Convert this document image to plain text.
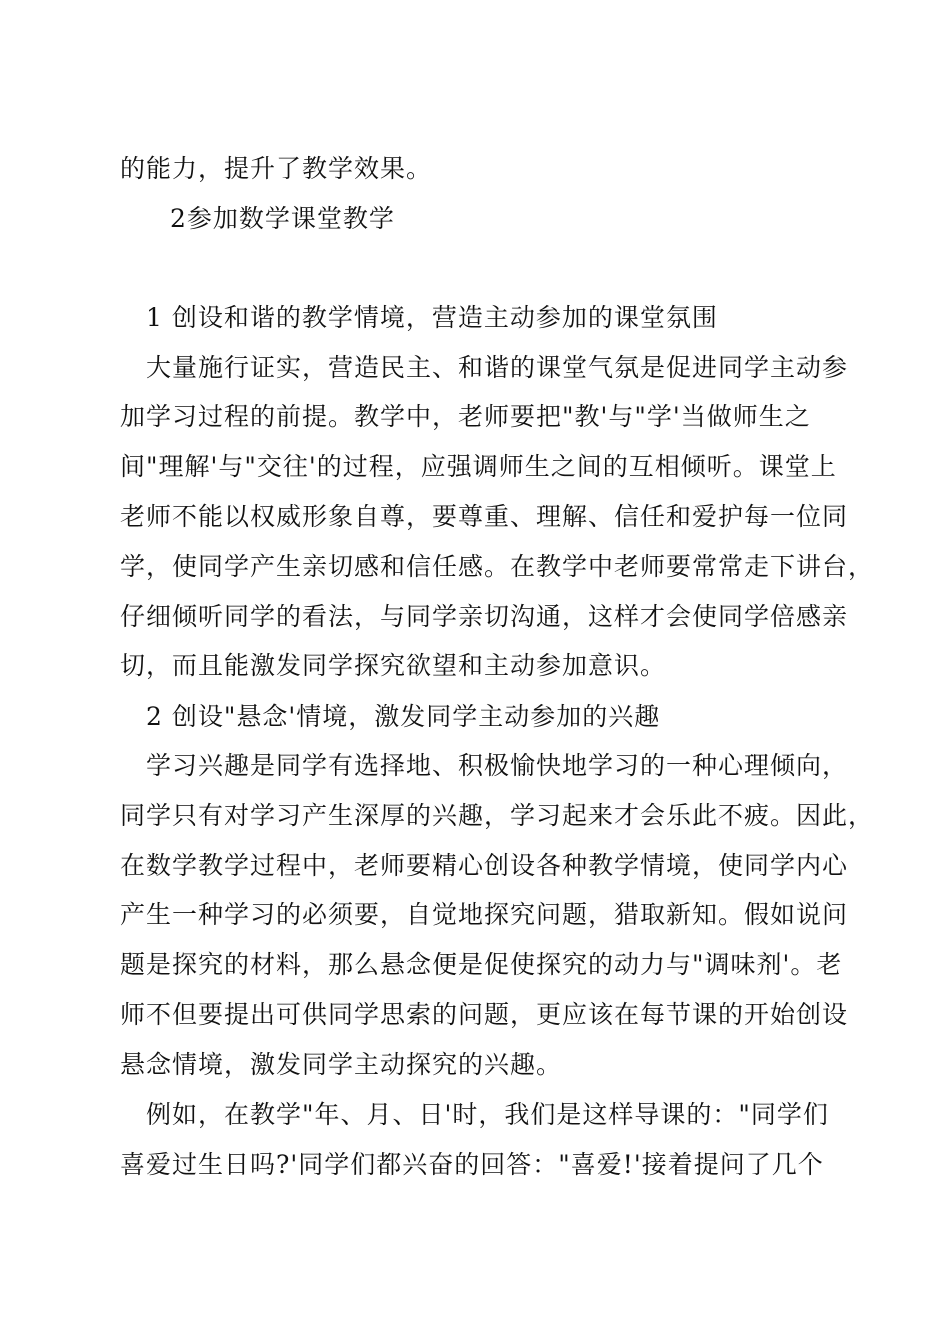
的能力，提升了教学效果。
2参加数学课堂教学
1 创设和谐的教学情境，营造主动参加的课堂氛围
大量施行证实，营造民主、和谐的课堂气氛是促进同学主动参
加学习过程的前提。教学中，老师要把"教'与"学'当做师生之
间"理解'与"交往'的过程，应强调师生之间的互相倾听。课堂上
老师不能以权威形象自尊，要尊重、理解、信任和爱护每一位同
学，使同学产生亲切感和信任感。在教学中老师要常常走下讲台，
仔细倾听同学的看法，与同学亲切沟通，这样才会使同学倍感亲
切，而且能激发同学探究欲望和主动参加意识。
2 创设"悬念'情境，激发同学主动参加的兴趣
学习兴趣是同学有选择地、积极愉快地学习的一种心理倾向，
同学只有对学习产生深厚的兴趣，学习起来才会乐此不疲。因此，
在数学教学过程中，老师要精心创设各种教学情境，使同学内心
产生一种学习的必须要，自觉地探究问题，猎取新知。假如说问
题是探究的材料，那么悬念便是促使探究的动力与"调味剂'。老
师不但要提出可供同学思索的问题，更应该在每节课的开始创设
悬念情境，激发同学主动探究的兴趣。
例如，在教学"年、月、日'时，我们是这样导课的："同学们
喜爱过生日吗?'同学们都兴奋的回答："喜爱!'接着提问了几个
